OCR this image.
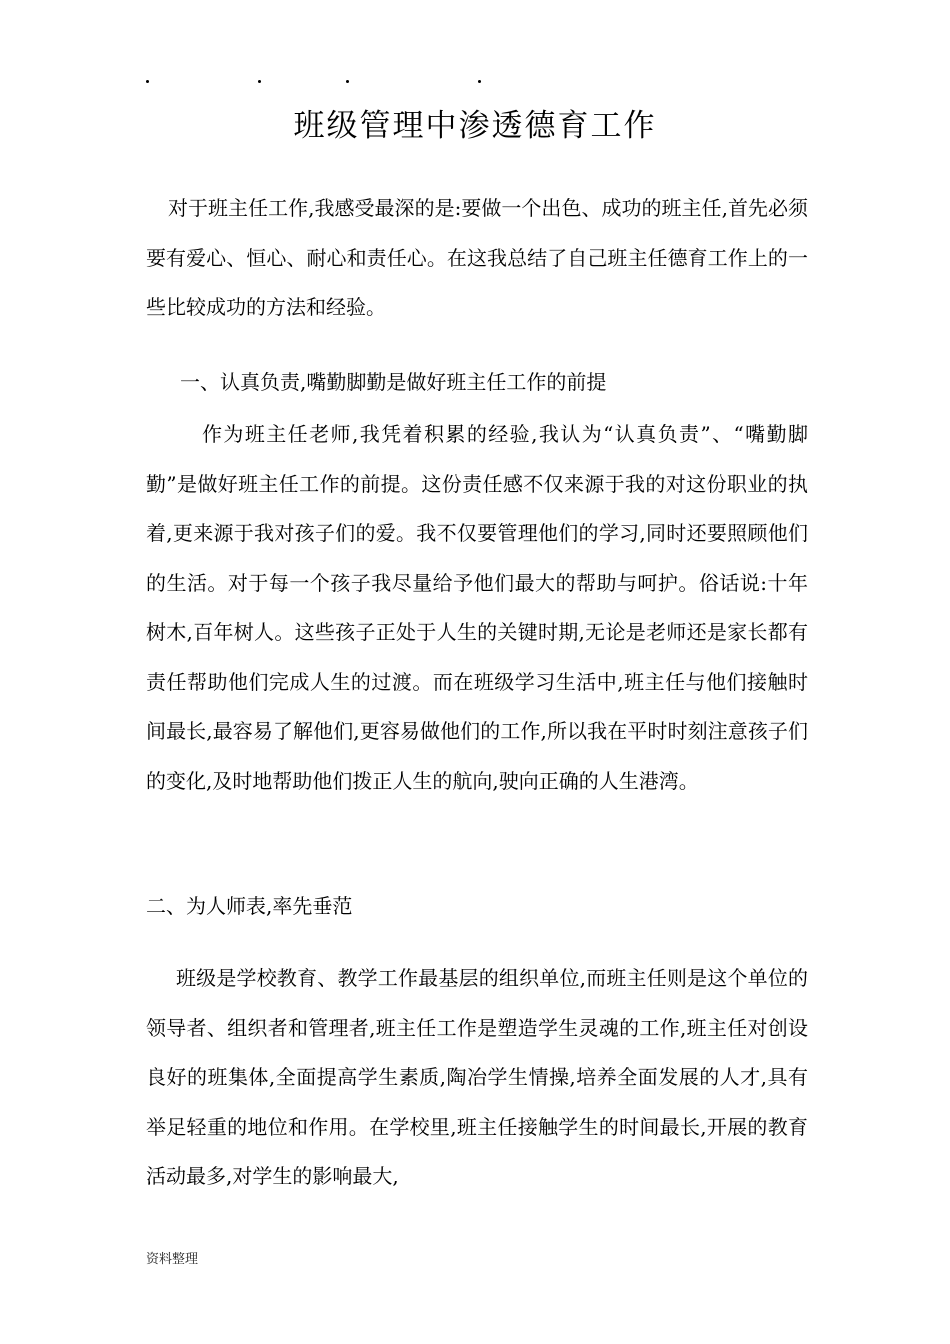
班级管理中渗透德育工作

对于班主任工作,我感受最深的是:要做一个出色、成功的班主任,首先必须要有爱心、恒心、耐心和责任心。在这我总结了自己班主任德育工作上的一些比较成功的方法和经验。

一、认真负责,嘴勤脚勤是做好班主任工作的前提

作为班主任老师,我凭着积累的经验,我认为“认真负责”、“嘴勤脚勤”是做好班主任工作的前提。这份责任感不仅来源于我的对这份职业的执着,更来源于我对孩子们的爱。我不仅要管理他们的学习,同时还要照顾他们的生活。对于每一个孩子我尽量给予他们最大的帮助与呵护。俗话说:十年树木,百年树人。这些孩子正处于人生的关键时期,无论是老师还是家长都有责任帮助他们完成人生的过渡。而在班级学习生活中,班主任与他们接触时间最长,最容易了解他们,更容易做他们的工作,所以我在平时时刻注意孩子们的变化,及时地帮助他们拨正人生的航向,驶向正确的人生港湾。

二、为人师表,率先垂范

班级是学校教育、教学工作最基层的组织单位,而班主任则是这个单位的领导者、组织者和管理者,班主任工作是塑造学生灵魂的工作,班主任对创设良好的班集体,全面提高学生素质,陶冶学生情操,培养全面发展的人才,具有举足轻重的地位和作用。在学校里,班主任接触学生的时间最长,开展的教育活动最多,对学生的影响最大,

资料整理
